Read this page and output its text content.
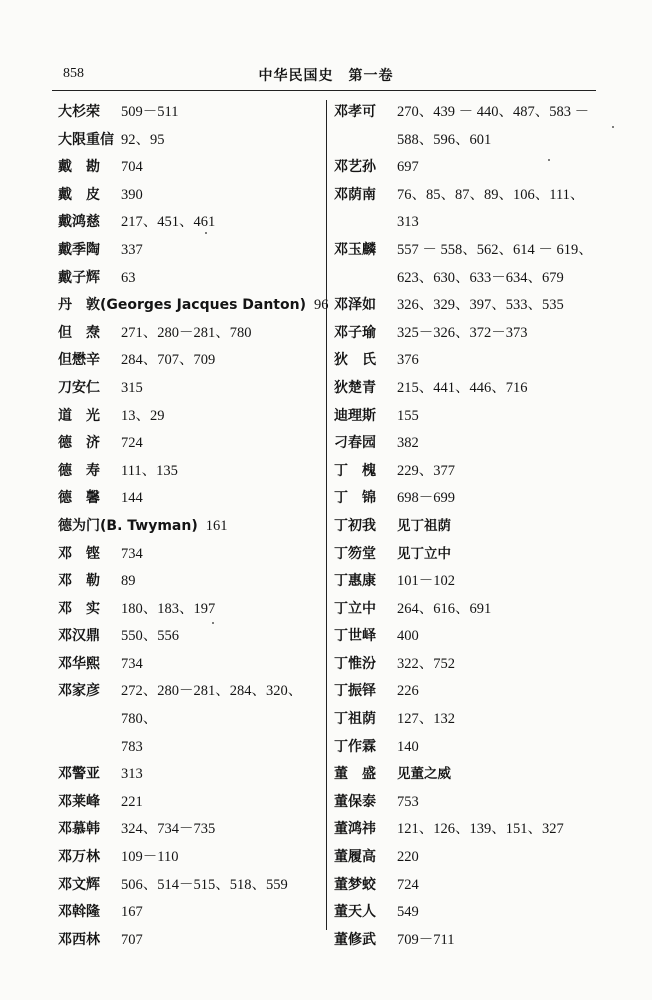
858	中华民国史　第一卷
大杉荣	509－511
大限重信 92、95
戴　勘	704
戴　皮	390
戴鸿慈	217、451、461
戴季陶	337
戴子辉	63
丹　敦(Georges Jacques Danton) 96
但　焘	271、280－281、780
但懋辛	284、707、709
刀安仁	315
道　光	13、29
德　济	724
德　寿	111、135
德　馨	144
德为门(B. Twyman) 161
邓　铿	734
邓　勒	89
邓　实	180、183、197
邓汉鼎	550、556
邓华熙	734
邓家彦	272、280－281、284、320、780、
783
邓警亚	313
邓莱峰	221
邓慕韩	324、734－735
邓万林	109－110
邓文辉	506、514－515、518、559
邓斡隆	167
邓西林	707
邓孝可	270、439 － 440、487、583 －
588、596、601
邓艺孙	697
邓荫南	76、85、87、89、106、111、313
邓玉麟	557 － 558、562、614 － 619、
623、630、633－634、679
邓泽如	326、329、397、533、535
邓子瑜	325－326、372－373
狄　氏	376
狄楚青	215、441、446、716
迪理斯	155
刁春园	382
丁　槐	229、377
丁　锦	698－699
丁初我	见丁祖荫
丁笏堂	见丁立中
丁惠康	101－102
丁立中	264、616、691
丁世峄	400
丁惟汾	322、752
丁振铎	226
丁祖荫	127、132
丁作霖	140
董　盛	见董之威
董保泰	753
董鸿祎	121、126、139、151、327
董履高	220
董梦蛟	724
董天人	549
董修武	709－711
